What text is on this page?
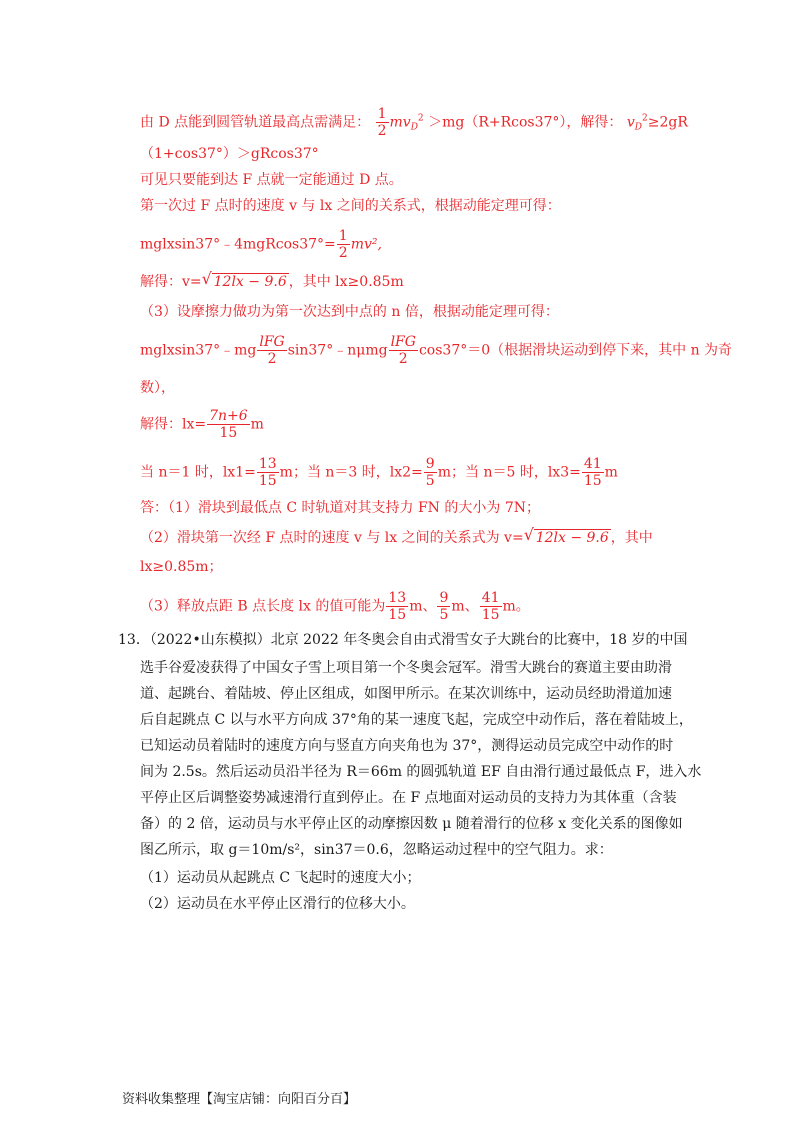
由 D 点能到圆管轨道最高点需满足： $\frac{1}{2} mv_D^2 >mg(R+Rcos37^\circ)$，解得： $v_D^2\ge 2gR$
（1+cos37°）＞gRcos37°
可见只要能到达 F 点就一定能通过 D 点。
第一次过 F 点时的速度 v 与 lx 之间的关系式，根据动能定理可得：
mglxsin37°﹣4mgRcos37°= $\frac{1}{2} mv^2$,
解得：v= √ 12lx − 9.6 ，其中 lx≥0.85m
（3）设摩擦力做功为第一次达到中点的 n 倍，根据动能定理可得：
mglxsin37°﹣mg $\frac{\text{lFG}}{2}$ sin37°﹣nμmg $\frac{\text{lFG}}{2} \cos 37^\circ=0$（根据滑块运动到停下来，其中 n 为奇
数），
解得：$lx= \frac{7n+6}{15}$ m
当 n＝1 时，$lx1= \frac{13}{15}$ m；当 n＝3 时，$lx2= \frac{9}{5}$ m；当 n＝5 时，$lx3= \frac{41}{15}$ m
答：（1）滑块到最低点 C 时轨道对其支持力 FN 的大小为 7N；
（2）滑块第一次经 F 点时的速度 v 与 lx 之间的关系式为 v= √ 12lx − 9.6 ，其中
lx≥0.85m；
（3）释放点距 B 点长度 lx 的值可能为 $\frac{13}{15}$ m、 $\frac{9}{5}$ m、 $\frac{41}{15}$ m。
13．（2022•山东模拟）北京 2022 年冬奥会自由式滑雪女子大跳台的比赛中，18 岁的中国
选手谷爱凌获得了中国女子雪上项目第一个冬奥会冠军。滑雪大跳台的赛道主要由助滑
道、起跳台、着陆坡、停止区组成，如图甲所示。在某次训练中，运动员经助滑道加速
后自起跳点 C 以与水平方向成 37°角的某一速度飞起，完成空中动作后，落在着陆坡上，
已知运动员着陆时的速度方向与竖直方向夹角也为 37°，测得运动员完成空中动作的时
间为 2.5s。然后运动员沿半径为 R＝66m 的圆弧轨道 EF 自由滑行通过最低点 F，进入水
平停止区后调整姿势减速滑行直到停止。在 F 点地面对运动员的支持力为其体重（含装
备）的 2 倍，运动员与水平停止区的动摩擦因数 μ 随着滑行的位移 x 变化关系的图像如
图乙所示，取 g＝10m/s²，sin37＝0.6，忽略运动过程中的空气阻力。求：
（1）运动员从起跳点 C 飞起时的速度大小；
（2）运动员在水平停止区滑行的位移大小。
资料收集整理【淘宝店铺：向阳百分百】
